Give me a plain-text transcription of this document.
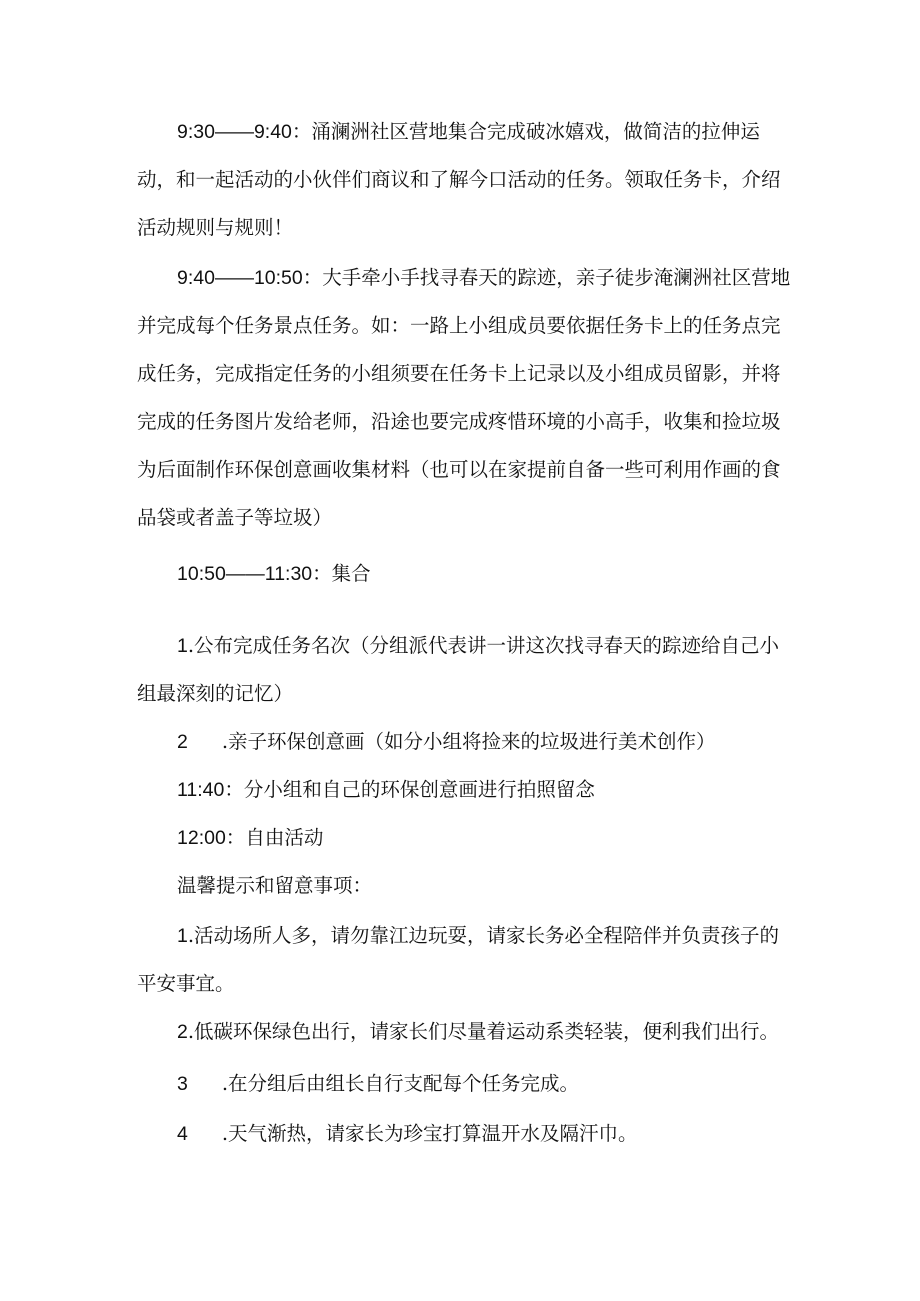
9:30——9:40：涌澜洲社区营地集合完成破冰嬉戏，做简洁的拉伸运动，和一起活动的小伙伴们商议和了解今口活动的任务。领取任务卡，介绍活动规则与规则！

9:40——10:50：大手牵小手找寻春天的踪迹，亲子徒步淹澜洲社区营地并完成每个任务景点任务。如：一路上小组成员要依据任务卡上的任务点完成任务，完成指定任务的小组须要在任务卡上记录以及小组成员留影，并将完成的任务图片发给老师，沿途也要完成疼惜环境的小高手，收集和捡垃圾为后面制作环保创意画收集材料（也可以在家提前自备一些可利用作画的食品袋或者盖子等垃圾）

10:50——11:30：集合

1.公布完成任务名次（分组派代表讲一讲这次找寻春天的踪迹给自己小组最深刻的记忆）

2 .亲子环保创意画（如分小组将捡来的垃圾进行美术创作）

11:40：分小组和自己的环保创意画进行拍照留念

12:00：自由活动

温馨提示和留意事项：

1.活动场所人多，请勿靠江边玩耍，请家长务必全程陪伴并负责孩子的平安事宜。

2.低碳环保绿色出行，请家长们尽量着运动系类轻装，便利我们出行。

3 .在分组后由组长自行支配每个任务完成。

4 .天气渐热，请家长为珍宝打算温开水及隔汗巾。
